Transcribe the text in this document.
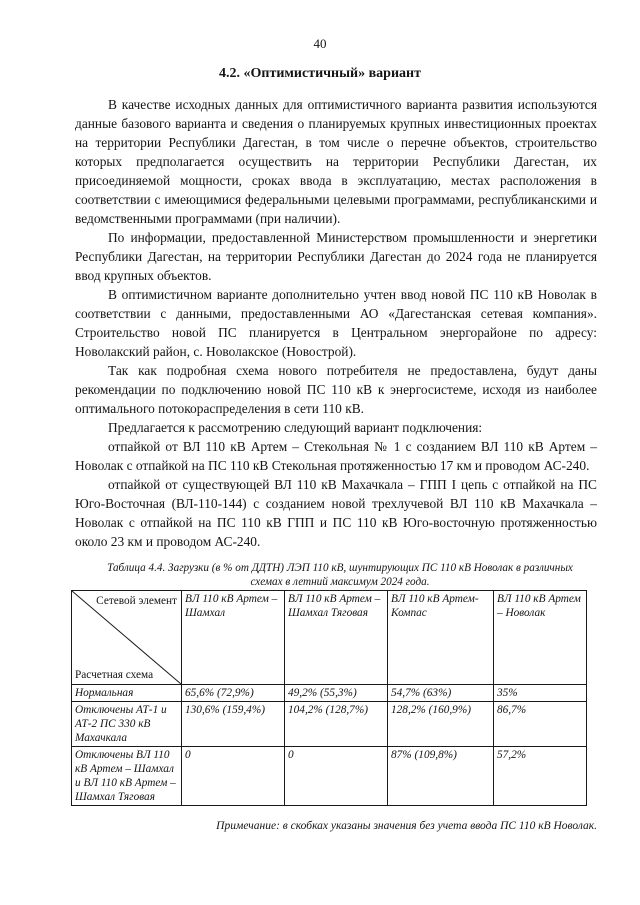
40
4.2. «Оптимистичный» вариант

В качестве исходных данных для оптимистичного варианта развития используются данные базового варианта и сведения о планируемых крупных инвестиционных проектах на территории Республики Дагестан, в том числе о перечне объектов, строительство которых предполагается осуществить на территории Республики Дагестан, их присоединяемой мощности, сроках ввода в эксплуатацию, местах расположения в соответствии с имеющимися федеральными целевыми программами, республиканскими и ведомственными программами (при наличии).

По информации, предоставленной Министерством промышленности и энергетики Республики Дагестан, на территории Республики Дагестан до 2024 года не планируется ввод крупных объектов.

В оптимистичном варианте дополнительно учтен ввод новой ПС 110 кВ Новолак в соответствии с данными, предоставленными АО «Дагестанская сетевая компания». Строительство новой ПС планируется в Центральном энергорайоне по адресу: Новолакский район, с. Новолакское (Новострой).

Так как подробная схема нового потребителя не предоставлена, будут даны рекомендации по подключению новой ПС 110 кВ к энергосистеме, исходя из наиболее оптимального потокораспределения в сети 110 кВ.

Предлагается к рассмотрению следующий вариант подключения:

отпайкой от ВЛ 110 кВ Артем – Стекольная № 1 с созданием ВЛ 110 кВ Артем – Новолак с отпайкой на ПС 110 кВ Стекольная протяженностью 17 км и проводом АС-240.

отпайкой от существующей ВЛ 110 кВ Махачкала – ГПП I цепь с отпайкой на ПС Юго-Восточная (ВЛ-110-144) с созданием новой трехлучевой ВЛ 110 кВ Махачкала – Новолак с отпайкой на ПС 110 кВ ГПП и ПС 110 кВ Юго-восточную протяженностью около 23 км и проводом АС-240.

Таблица 4.4. Загрузки (в % от ДДТН) ЛЭП 110 кВ, шунтирующих ПС 110 кВ Новолак в различных схемах в летний максимум 2024 года.
Сетевой элемент
Расчетная схема	ВЛ 110 кВ Артем –Шамхал	ВЛ 110 кВ Артем – Шамхал Тяговая	ВЛ 110 кВ Артем-Компас	ВЛ 110 кВ Артем – Новолак
Нормальная	65,6% (72,9%)	49,2% (55,3%)	54,7% (63%)	35%
Отключены АТ-1 и АТ-2 ПС 330 кВ Махачкала	130,6% (159,4%)	104,2% (128,7%)	128,2% (160,9%)	86,7%
Отключены ВЛ 110 кВ Артем – Шамхал и ВЛ 110 кВ Артем – Шамхал Тяговая	0	0	87% (109,8%)	57,2%
Примечание: в скобках указаны значения без учета ввода ПС 110 кВ Новолак.
